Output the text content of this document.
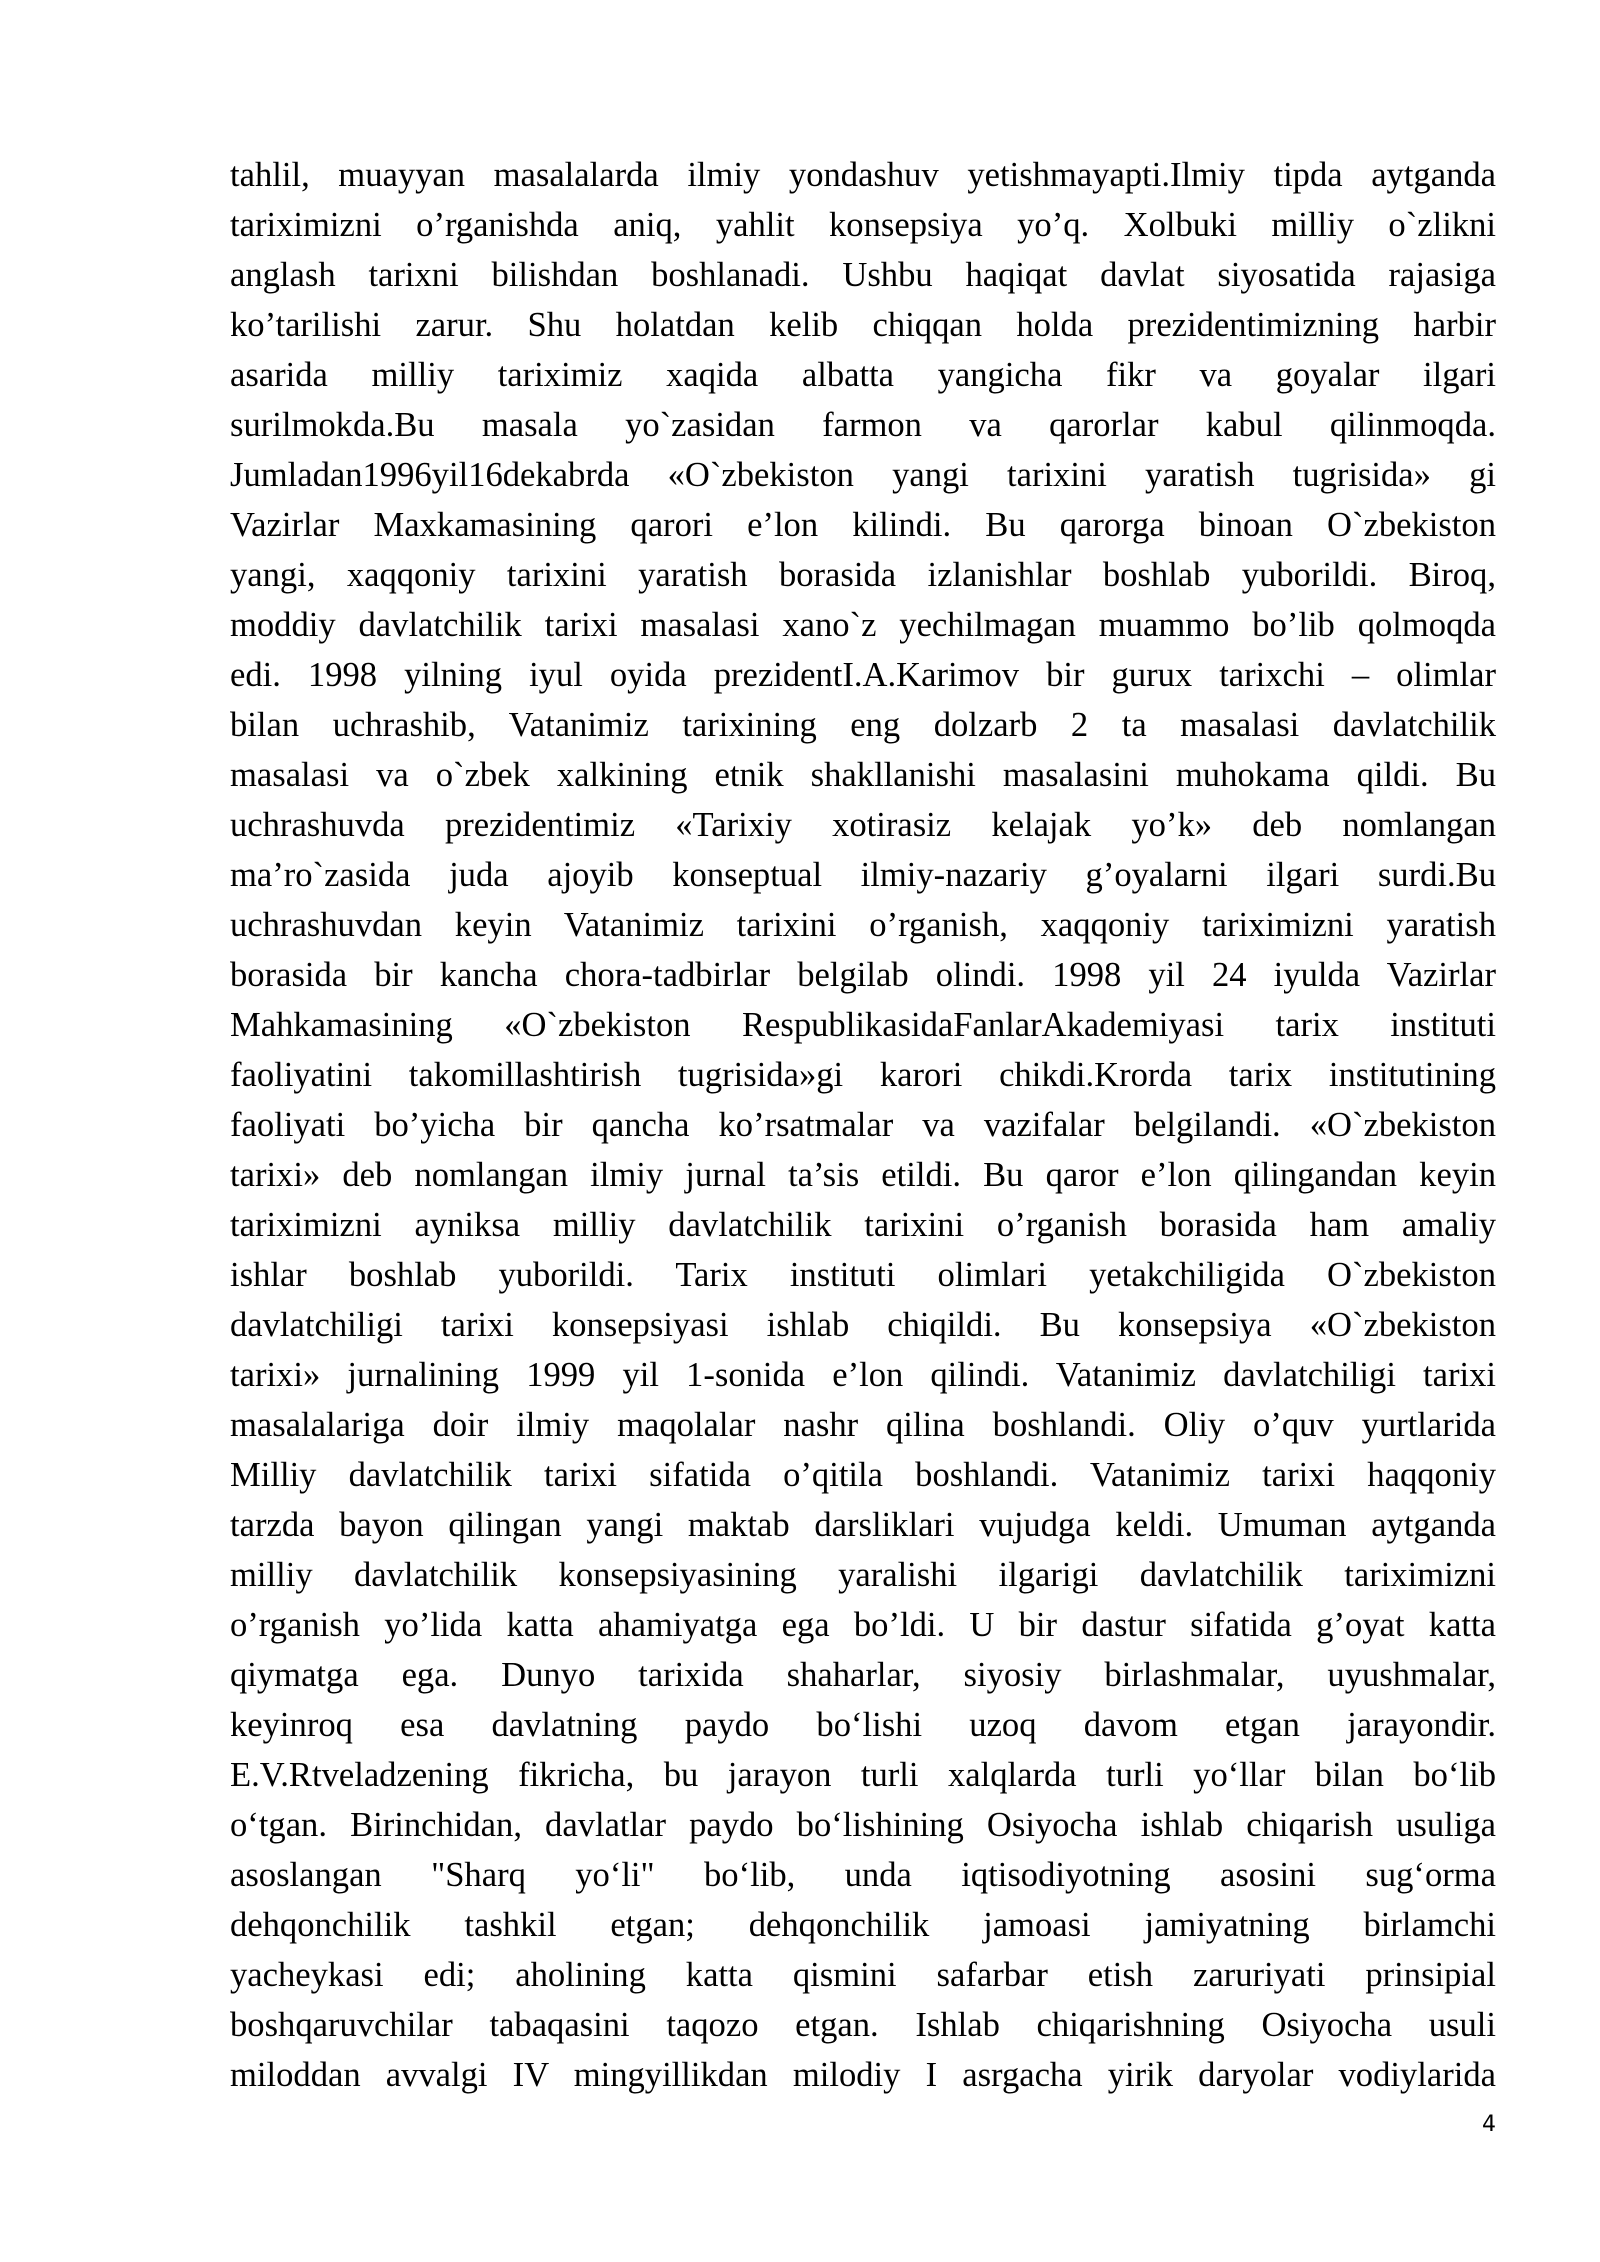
tahlil, muayyan masalalarda ilmiy yondashuv yetishmayapti.Ilmiy tipda aytganda
tariximizni o’rganishda aniq, yahlit konsepsiya yo’q. Xolbuki milliy o`zlikni
anglash tarixni bilishdan boshlanadi. Ushbu haqiqat davlat siyosatida rajasiga
ko’tarilishi zarur. Shu holatdan kelib chiqqan holda prezidentimizning harbir
asarida milliy tariximiz xaqida albatta yangicha fikr va goyalar ilgari
surilmokda.Bu masala yo`zasidan farmon va qarorlar kabul qilinmoqda.
Jumladan1996yil16dekabrda «O`zbekiston yangi tarixini yaratish tugrisida» gi
Vazirlar Maxkamasining qarori e’lon kilindi. Bu qarorga binoan O`zbekiston
yangi, xaqqoniy tarixini yaratish borasida izlanishlar boshlab yuborildi. Biroq,
moddiy davlatchilik tarixi masalasi xano`z yechilmagan muammo bo’lib qolmoqda
edi. 1998 yilning iyul oyida prezidentI.A.Karimov bir gurux tarixchi – olimlar
bilan uchrashib, Vatanimiz tarixining eng dolzarb 2 ta masalasi davlatchilik
masalasi va o`zbek xalkining etnik shakllanishi masalasini muhokama qildi. Bu
uchrashuvda prezidentimiz «Tarixiy xotirasiz kelajak yo’k» deb nomlangan
ma’ro`zasida juda ajoyib konseptual ilmiy-nazariy g’oyalarni ilgari surdi.Bu
uchrashuvdan keyin Vatanimiz tarixini o’rganish, xaqqoniy tariximizni yaratish
borasida bir kancha chora-tadbirlar belgilab olindi. 1998 yil 24 iyulda Vazirlar
Mahkamasining «O`zbekiston RespublikasidaFanlarAkademiyasi tarix instituti
faoliyatini takomillashtirish tugrisida»gi karori chikdi.Krorda tarix institutining
faoliyati bo’yicha bir qancha ko’rsatmalar va vazifalar belgilandi. «O`zbekiston
tarixi» deb nomlangan ilmiy jurnal ta’sis etildi. Bu qaror e’lon qilingandan keyin
tariximizni ayniksa milliy davlatchilik tarixini o’rganish borasida ham amaliy
ishlar boshlab yuborildi. Tarix instituti olimlari yetakchiligida O`zbekiston
davlatchiligi tarixi konsepsiyasi ishlab chiqildi. Bu konsepsiya «O`zbekiston
tarixi» jurnalining 1999 yil 1-sonida e’lon qilindi. Vatanimiz davlatchiligi tarixi
masalalariga doir ilmiy maqolalar nashr qilina boshlandi. Oliy o’quv yurtlarida
Milliy davlatchilik tarixi sifatida o’qitila boshlandi. Vatanimiz tarixi haqqoniy
tarzda bayon qilingan yangi maktab darsliklari vujudga keldi. Umuman aytganda
milliy davlatchilik konsepsiyasining yaralishi ilgarigi davlatchilik tariximizni
o’rganish yo’lida katta ahamiyatga ega bo’ldi. U bir dastur sifatida g’oyat katta
qiymatga ega. Dunyo tarixida shaharlar, siyosiy birlashmalar, uyushmalar,
keyinroq esa davlatning paydo bo‘lishi uzoq davom etgan jarayondir.
E.V.Rtveladzening fikricha, bu jarayon turli xalqlarda turli yo‘llar bilan bo‘lib
o‘tgan. Birinchidan, davlatlar paydo bo‘lishining Osiyocha ishlab chiqarish usuliga
asoslangan "Sharq yo‘li" bo‘lib, unda iqtisodiyotning asosini sug‘orma
dehqonchilik tashkil etgan; dehqonchilik jamoasi jamiyatning birlamchi
yacheykasi edi; aholining katta qismini safarbar etish zaruriyati prinsipial
boshqaruvchilar tabaqasini taqozo etgan. Ishlab chiqarishning Osiyocha usuli
miloddan avvalgi IV mingyillikdan milodiy I asrgacha yirik daryolar vodiylarida
4
